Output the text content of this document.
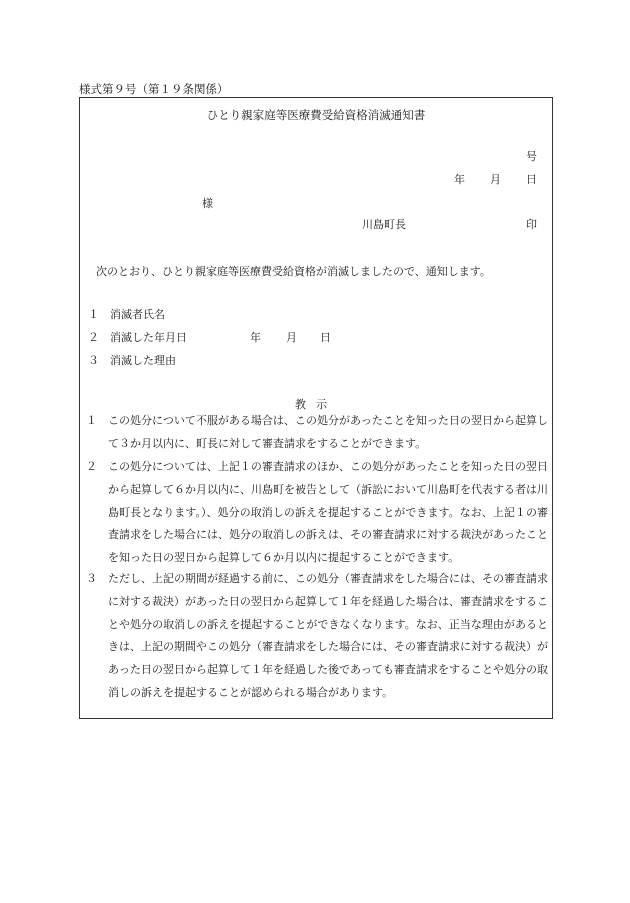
様式第９号（第１９条関係）
ひとり親家庭等医療費受給資格消滅通知書
号
年 月 日
様
川島町長	印
次のとおり、ひとり親家庭等医療費受給資格が消滅しましたので、通知します。
１ 消滅者氏名
２ 消滅した年月日	年 月 日
３ 消滅した理由
教示
１　この処分について不服がある場合は、この処分があったことを知った日の翌日から起算して３か月以内に、町長に対して審査請求をすることができます。
２　この処分については、上記１の審査請求のほか、この処分があったことを知った日の翌日から起算して６か月以内に、川島町を被告として（訴訟において川島町を代表する者は川島町長となります。）、処分の取消しの訴えを提起することができます。なお、上記１の審査請求をした場合には、処分の取消しの訴えは、その審査請求に対する裁決があったことを知った日の翌日から起算して６か月以内に提起することができます。
３　ただし、上記の期間が経過する前に、この処分（審査請求をした場合には、その審査請求に対する裁決）があった日の翌日から起算して１年を経過した場合は、審査請求をすることや処分の取消しの訴えを提起することができなくなります。なお、正当な理由があるときは、上記の期間やこの処分（審査請求をした場合には、その審査請求に対する裁決）があった日の翌日から起算して１年を経過した後であっても審査請求をすることや処分の取消しの訴えを提起することが認められる場合があります。
